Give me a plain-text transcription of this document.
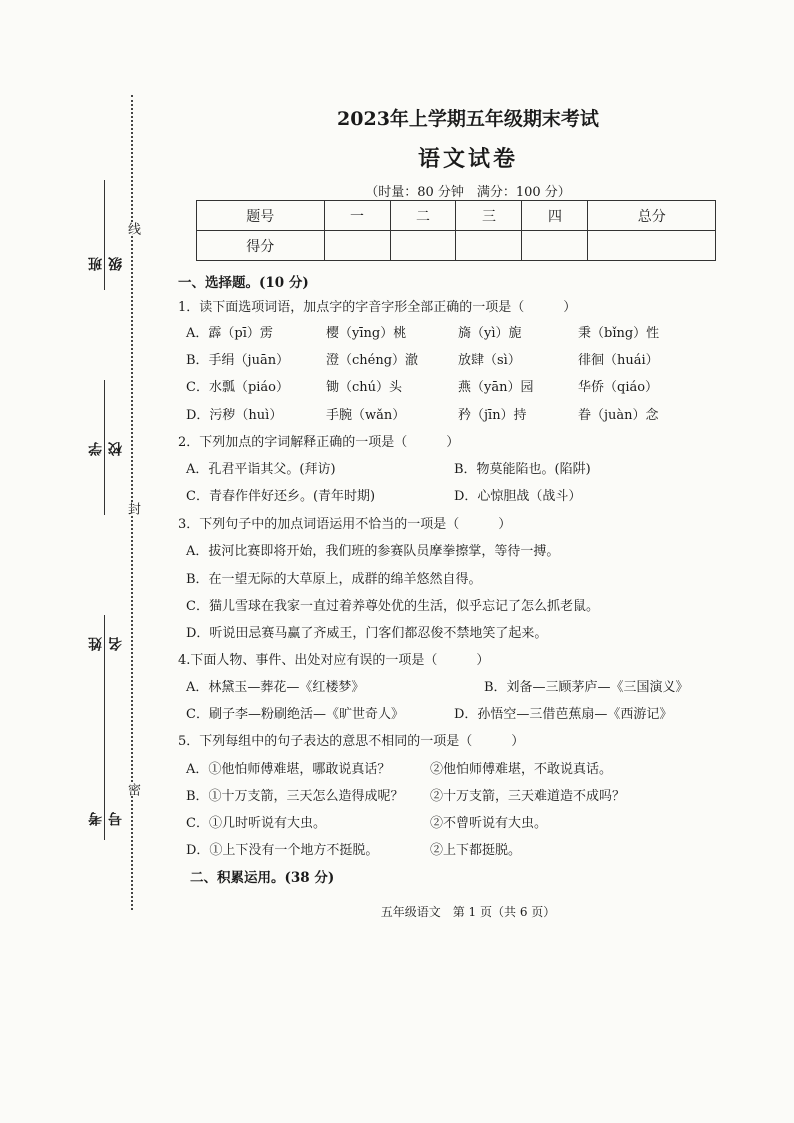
线
封
密
班级
学校
姓名
考号
2023年上学期五年级期末考试
语文试卷
（时量：80 分钟　满分：100 分）
题号	一	二	三	四	总分
得分					
一、选择题。(10 分)
1．读下面选项词语，加点字的字音字形全部正确的一项是（　　　）
A．霹（pī）雳	樱（yīng）桃	旖（yì）旎	秉（bǐng）性
B．手绢（juān）	澄（chéng）澈	放肆（sì）	徘徊（huái）
C．水瓢（piáo）	锄（chú）头	燕（yān）园	华侨（qiáo）
D．污秽（huì）	手腕（wǎn）	矜（jīn）持	眷（juàn）念
2．下列加点的字词解释正确的一项是（　　　）
A．孔君平诣其父。(拜访)	B．物莫能陷也。(陷阱)
C．青春作伴好还乡。(青年时期)	D．心惊胆战（战斗）
3．下列句子中的加点词语运用不恰当的一项是（　　　）
A．拔河比赛即将开始，我们班的参赛队员摩拳擦掌，等待一搏。
B．在一望无际的大草原上，成群的绵羊悠然自得。
C．猫儿雪球在我家一直过着养尊处优的生活，似乎忘记了怎么抓老鼠。
D．听说田忌赛马赢了齐威王，门客们都忍俊不禁地笑了起来。
4.下面人物、事件、出处对应有误的一项是（　　　）
A．林黛玉—葬花—《红楼梦》	B．刘备—三顾茅庐—《三国演义》
C．刷子李—粉刷绝活—《旷世奇人》	D．孙悟空—三借芭蕉扇—《西游记》
5．下列每组中的句子表达的意思不相同的一项是（　　　）
A．①他怕师傅难堪，哪敢说真话？	②他怕师傅难堪，不敢说真话。
B．①十万支箭，三天怎么造得成呢？ ②十万支箭，三天难道造不成吗？
C．①几时听说有大虫。	②不曾听说有大虫。
D．①上下没有一个地方不挺脱。	②上下都挺脱。
二、积累运用。(38 分)
五年级语文　第 1 页（共 6 页）
